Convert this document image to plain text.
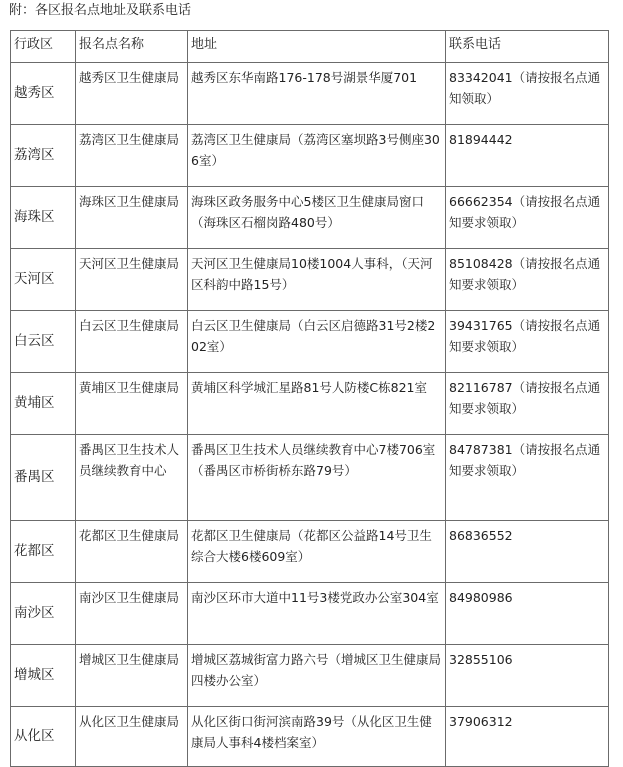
附：各区报名点地址及联系电话
行政区	报名点名称	地址	联系电话
越秀区	越秀区卫生健康局	越秀区东华南路176-178号湖景华厦701	83342041（请按报名点通知领取）
荔湾区	荔湾区卫生健康局	荔湾区卫生健康局（荔湾区塞坝路3号侧座306室）	81894442
海珠区	海珠区卫生健康局	海珠区政务服务中心5楼区卫生健康局窗口（海珠区石榴岗路480号）	66662354（请按报名点通知要求领取）
天河区	天河区卫生健康局	天河区卫生健康局10楼1004人事科，（天河区科韵中路15号）	85108428（请按报名点通知要求领取）
白云区	白云区卫生健康局	白云区卫生健康局（白云区启德路31号2楼202室）	39431765（请按报名点通知要求领取）
黄埔区	黄埔区卫生健康局	黄埔区科学城汇星路81号人防楼C栋821室	82116787（请按报名点通知要求领取）
番禺区	番禺区卫生技术人员继续教育中心	番禺区卫生技术人员继续教育中心7楼706室（番禺区市桥街桥东路79号）	84787381（请按报名点通知要求领取）
花都区	花都区卫生健康局	花都区卫生健康局（花都区公益路14号卫生综合大楼6楼609室）	86836552
南沙区	南沙区卫生健康局	南沙区环市大道中11号3楼党政办公室304室	84980986
增城区	增城区卫生健康局	增城区荔城街富力路六号（增城区卫生健康局四楼办公室）	32855106
从化区	从化区卫生健康局	从化区街口街河滨南路39号（从化区卫生健康局人事科4楼档案室）	37906312
